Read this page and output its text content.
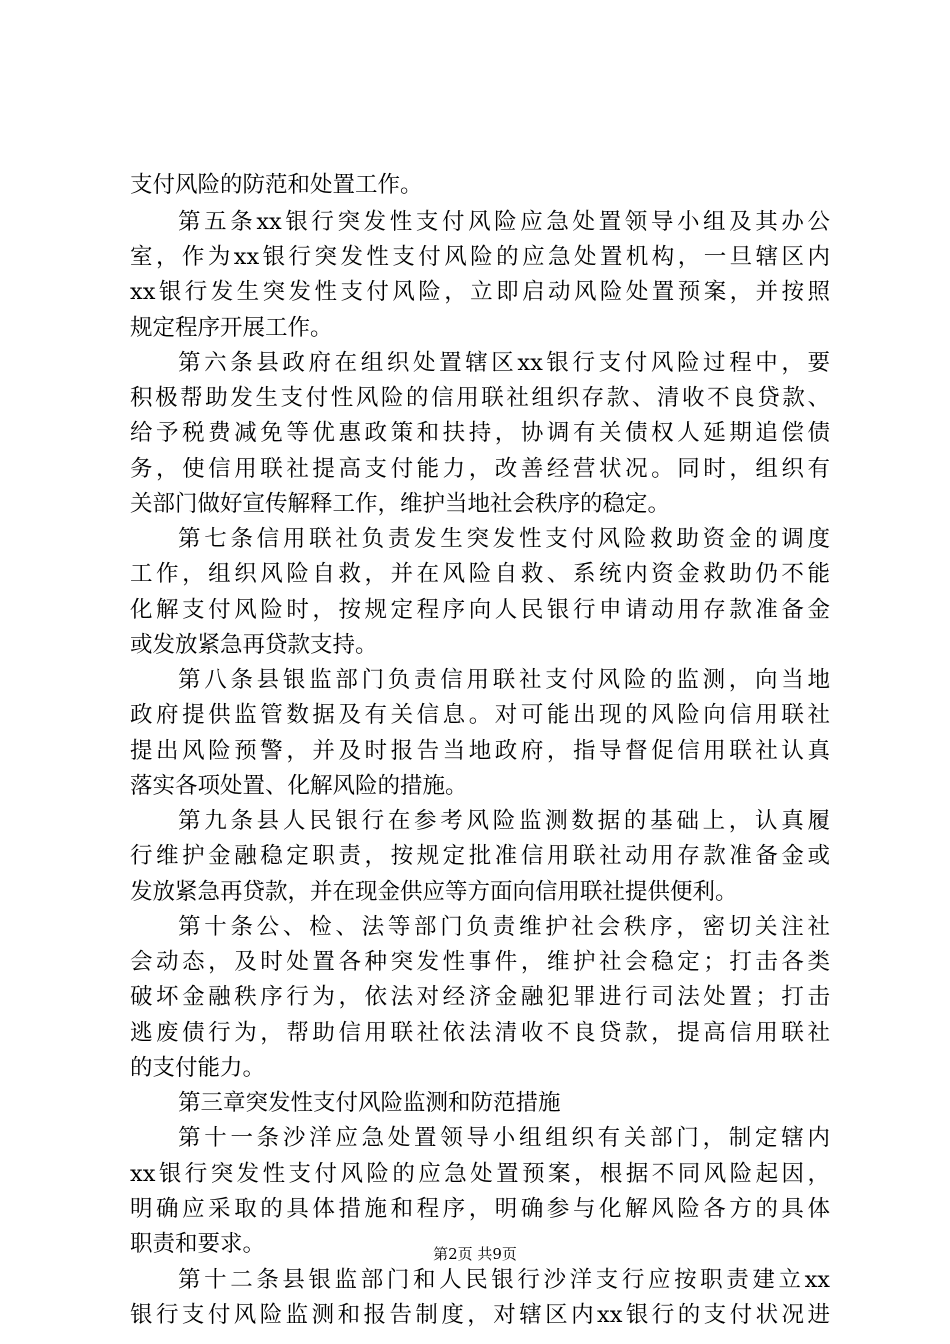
支付风险的防范和处置工作。
第五条xx银行突发性支付风险应急处置领导小组及其办公
室，作为xx银行突发性支付风险的应急处置机构，一旦辖区内
xx银行发生突发性支付风险，立即启动风险处置预案，并按照
规定程序开展工作。
第六条县政府在组织处置辖区xx银行支付风险过程中，要
积极帮助发生支付性风险的信用联社组织存款、清收不良贷款、
给予税费减免等优惠政策和扶持，协调有关债权人延期追偿债
务，使信用联社提高支付能力，改善经营状况。同时，组织有
关部门做好宣传解释工作，维护当地社会秩序的稳定。
第七条信用联社负责发生突发性支付风险救助资金的调度
工作，组织风险自救，并在风险自救、系统内资金救助仍不能
化解支付风险时，按规定程序向人民银行申请动用存款准备金
或发放紧急再贷款支持。
第八条县银监部门负责信用联社支付风险的监测，向当地
政府提供监管数据及有关信息。对可能出现的风险向信用联社
提出风险预警，并及时报告当地政府，指导督促信用联社认真
落实各项处置、化解风险的措施。
第九条县人民银行在参考风险监测数据的基础上，认真履
行维护金融稳定职责，按规定批准信用联社动用存款准备金或
发放紧急再贷款，并在现金供应等方面向信用联社提供便利。
第十条公、检、法等部门负责维护社会秩序，密切关注社
会动态，及时处置各种突发性事件，维护社会稳定；打击各类
破坏金融秩序行为，依法对经济金融犯罪进行司法处置；打击
逃废债行为，帮助信用联社依法清收不良贷款，提高信用联社
的支付能力。
第三章突发性支付风险监测和防范措施
第十一条沙洋应急处置领导小组组织有关部门，制定辖内
xx银行突发性支付风险的应急处置预案，根据不同风险起因，
明确应采取的具体措施和程序，明确参与化解风险各方的具体
职责和要求。
第十二条县银监部门和人民银行沙洋支行应按职责建立xx
银行支付风险监测和报告制度，对辖区内xx银行的支付状况进
第2页 共9页
